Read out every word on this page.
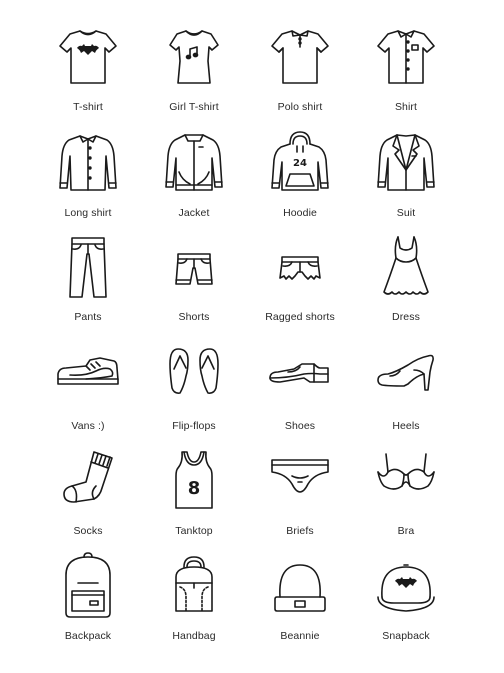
T-shirt	Girl T-shirt	Polo shirt	Shirt
Long shirt	Jacket
24
Hoodie	Suit
Pants	Shorts	Ragged shorts	Dress
Vans :)	Flip-flops	Shoes	Heels
Socks
8
Tanktop	Briefs	Bra
Backpack	Handbag	Beannie	Snapback
